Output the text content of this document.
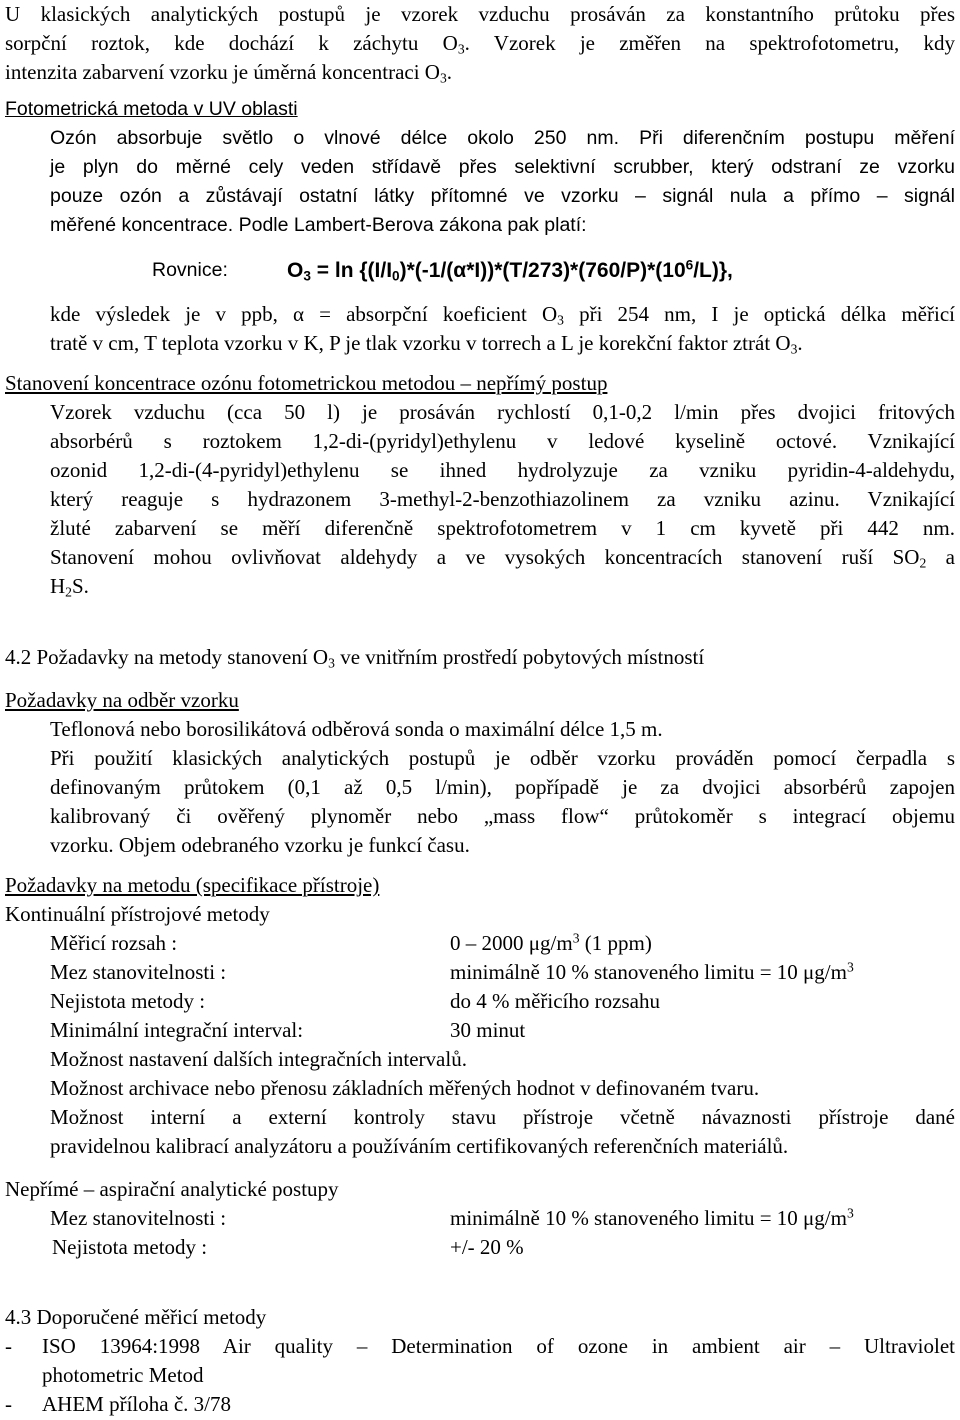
U klasických analytických postupů je vzorek vzduchu prosáván za konstantního průtoku přes
sorpční roztok, kde dochází k záchytu $O_3$. Vzorek je změřen na spektrofotometru, kdy
intenzita zabarvení vzorku je úměrná koncentraci $O_3$.
Fotometrická metoda v UV oblasti
Ozón absorbuje světlo o vlnové délce okolo 250 nm. Při diferenčním postupu měření
je plyn do měrné cely veden střídavě přes selektivní scrubber, který odstraní ze vzorku
pouze ozón a zůstávají ostatní látky přítomné ve vzorku – signál nula a přímo – signál
měřené koncentrace. Podle Lambert-Berova zákona pak platí:
Rovnice:	$O_3 = \ln \{(I/I_0)*(-1/(\alpha*I))*(T/273)*(760/P)*(10^6/L)\}$,
kde výsledek je v ppb, α = absorpční koeficient $O_3$ při 254 nm, I je optická délka měřicí
tratě v cm, T teplota vzorku v K, P je tlak vzorku v torrech a L je korekční faktor ztrát $O_3$.
Stanovení koncentrace ozónu fotometrickou metodou – nepřímý postup
Vzorek vzduchu (cca 50 l) je prosáván rychlostí 0,1-0,2 l/min přes dvojici fritových
absorbérů s roztokem 1,2-di-(pyridyl)ethylenu v ledové kyselině octové. Vznikající
ozonid 1,2-di-(4-pyridyl)ethylenu se ihned hydrolyzuje za vzniku pyridin-4-aldehydu,
který reaguje s hydrazonem 3-methyl-2-benzothiazolinem za vzniku azinu. Vznikající
žluté zabarvení se měří diferenčně spektrofotometrem v 1 cm kyvetě při 442 nm.
Stanovení mohou ovlivňovat aldehydy a ve vysokých koncentracích stanovení ruší $SO_2$ a
$H_2S$.
4.2 Požadavky na metody stanovení $O_3$ ve vnitřním prostředí pobytových místností
Požadavky na odběr vzorku
Teflonová nebo borosilikátová odběrová sonda o maximální délce 1,5 m.
Při použití klasických analytických postupů je odběr vzorku prováděn pomocí čerpadla s
definovaným průtokem (0,1 až 0,5 l/min), popřípadě je za dvojici absorbérů zapojen
kalibrovaný či ověřený plynoměr nebo „mass flow“ průtokoměr s integrací objemu
vzorku. Objem odebraného vzorku je funkcí času.
Požadavky na metodu (specifikace přístroje)
Kontinuální přístrojové metody
Měřicí rozsah :	0 – 2000 $\mu g/m^3$ (1 ppm)
Mez stanovitelnosti :	minimálně 10 % stanoveného limitu = 10 $\mu g/m^3$
Nejistota metody :	do 4 % měřicího rozsahu
Minimální integrační interval:	30 minut
Možnost nastavení dalších integračních intervalů.
Možnost archivace nebo přenosu základních měřených hodnot v definovaném tvaru.
Možnost interní a externí kontroly stavu přístroje včetně návaznosti přístroje dané
pravidelnou kalibrací analyzátoru a používáním certifikovaných referenčních materiálů.
Nepřímé – aspirační analytické postupy
Mez stanovitelnosti :	minimálně 10 % stanoveného limitu = 10 $\mu g/m^3$
Nejistota metody :	+/- 20 %
4.3 Doporučené měřicí metody
- ISO 13964:1998 Air quality – Determination of ozone in ambient air – Ultraviolet
photometric Metod
- AHEM příloha č. 3/78
